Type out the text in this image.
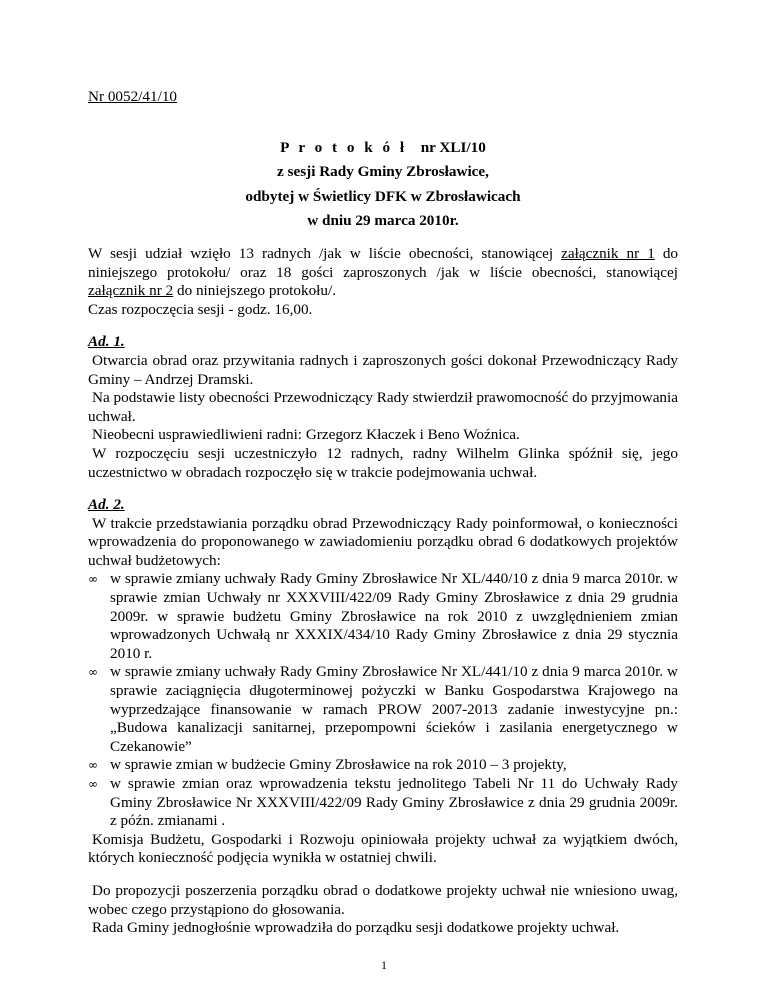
Nr 0052/41/10

P r o t o k ó ł nr XLI/10
z sesji Rady Gminy Zbrosławice,
odbytej w Świetlicy DFK w Zbrosławicach
w dniu 29 marca 2010r.

W sesji udział wzięło 13 radnych /jak w liście obecności, stanowiącej załącznik nr 1 do niniejszego protokołu/ oraz 18 gości zaproszonych /jak w liście obecności, stanowiącej załącznik nr 2 do niniejszego protokołu/.

Czas rozpoczęcia sesji - godz. 16,00.

Ad. 1.

Otwarcia obrad oraz przywitania radnych i zaproszonych gości dokonał Przewodniczący Rady Gminy – Andrzej Dramski.

Na podstawie listy obecności Przewodniczący Rady stwierdził prawomocność do przyjmowania uchwał.

Nieobecni usprawiedliwieni radni: Grzegorz Kłaczek i Beno Woźnica.

W rozpoczęciu sesji uczestniczyło 12 radnych, radny Wilhelm Glinka spóźnił się, jego uczestnictwo w obradach rozpoczęło się w trakcie podejmowania uchwał.

Ad. 2.

W trakcie przedstawiania porządku obrad Przewodniczący Rady poinformował, o konieczności wprowadzenia do proponowanego w zawiadomieniu porządku obrad 6 dodatkowych projektów uchwał budżetowych:

∞ w sprawie zmiany uchwały Rady Gminy Zbrosławice Nr XL/440/10 z dnia 9 marca 2010r. w sprawie zmian Uchwały nr XXXVIII/422/09 Rady Gminy Zbrosławice z dnia 29 grudnia 2009r. w sprawie budżetu Gminy Zbrosławice na rok 2010 z uwzględnieniem zmian wprowadzonych Uchwałą nr XXXIX/434/10 Rady Gminy Zbrosławice z dnia 29 stycznia 2010 r.
∞ w sprawie zmiany uchwały Rady Gminy Zbrosławice Nr XL/441/10 z dnia 9 marca 2010r. w sprawie zaciągnięcia długoterminowej pożyczki w Banku Gospodarstwa Krajowego na wyprzedzające finansowanie w ramach PROW 2007-2013 zadanie inwestycyjne pn.:„Budowa kanalizacji sanitarnej, przepompowni ścieków i zasilania energetycznego w Czekanowie”
∞ w sprawie zmian w budżecie Gminy Zbrosławice na rok 2010 – 3 projekty,
∞ w sprawie zmian oraz wprowadzenia tekstu jednolitego Tabeli Nr 11 do Uchwały Rady Gminy Zbrosławice Nr XXXVIII/422/09 Rady Gminy Zbrosławice z dnia 29 grudnia 2009r. z późn. zmianami .

Komisja Budżetu, Gospodarki i Rozwoju opiniowała projekty uchwał za wyjątkiem dwóch, których konieczność podjęcia wynikła w ostatniej chwili.

Do propozycji poszerzenia porządku obrad o dodatkowe projekty uchwał nie wniesiono uwag, wobec czego przystąpiono do głosowania.

Rada Gminy jednogłośnie wprowadziła do porządku sesji dodatkowe projekty uchwał.

1
